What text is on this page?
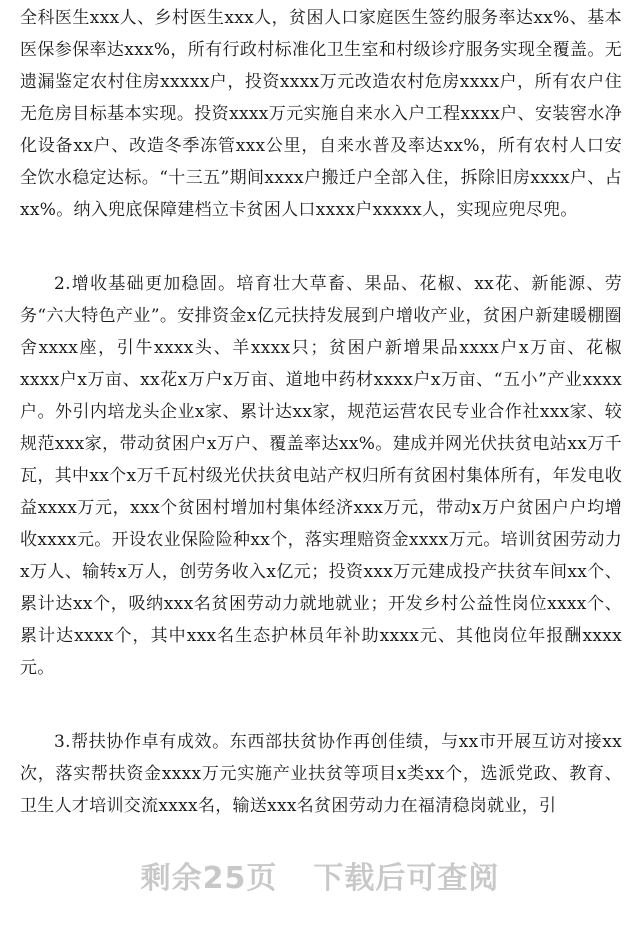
全科医生xxx人、乡村医生xxx人，贫困人口家庭医生签约服务率达xx%、基本医保参保率达xxx%，所有行政村标准化卫生室和村级诊疗服务实现全覆盖。无遗漏鉴定农村住房xxxxx户，投资xxxx万元改造农村危房xxxx户，所有农户住无危房目标基本实现。投资xxxx万元实施自来水入户工程xxxx户、安装窖水净化设备xx户、改造冬季冻管xxx公里，自来水普及率达xx%，所有农村人口安全饮水稳定达标。“十三五”期间xxxx户搬迁户全部入住，拆除旧房xxxx户、占xx%。纳入兜底保障建档立卡贫困人口xxxx户xxxxx人，实现应兜尽兜。

2.增收基础更加稳固。培育壮大草畜、果品、花椒、xx花、新能源、劳务“六大特色产业”。安排资金x亿元扶持发展到户增收产业，贫困户新建暖棚圈舍xxxx座，引牛xxxx头、羊xxxx只；贫困户新增果品xxxx户x万亩、花椒xxxx户x万亩、xx花x万户x万亩、道地中药材xxxx户x万亩、“五小”产业xxxx户。外引内培龙头企业x家、累计达xx家，规范运营农民专业合作社xxx家、较规范xxx家，带动贫困户x万户、覆盖率达xx%。建成并网光伏扶贫电站xx万千瓦，其中xx个x万千瓦村级光伏扶贫电站产权归所有贫困村集体所有，年发电收益xxxx万元，xxx个贫困村增加村集体经济xxx万元，带动x万户贫困户户均增收xxxx元。开设农业保险险种xx个，落实理赔资金xxxx万元。培训贫困劳动力x万人、输转x万人，创劳务收入x亿元；投资xxx万元建成投产扶贫车间xx个、累计达xx个，吸纳xxx名贫困劳动力就地就业；开发乡村公益性岗位xxxx个、累计达xxxx个，其中xxx名生态护林员年补助xxxx元、其他岗位年报酬xxxx元。

3.帮扶协作卓有成效。东西部扶贫协作再创佳绩，与xx市开展互访对接xx次，落实帮扶资金xxxx万元实施产业扶贫等项目x类xx个，选派党政、教育、卫生人才培训交流xxxx名，输送xxx名贫困劳动力在福清稳岗就业，引

剩余25页 下载后可查阅
